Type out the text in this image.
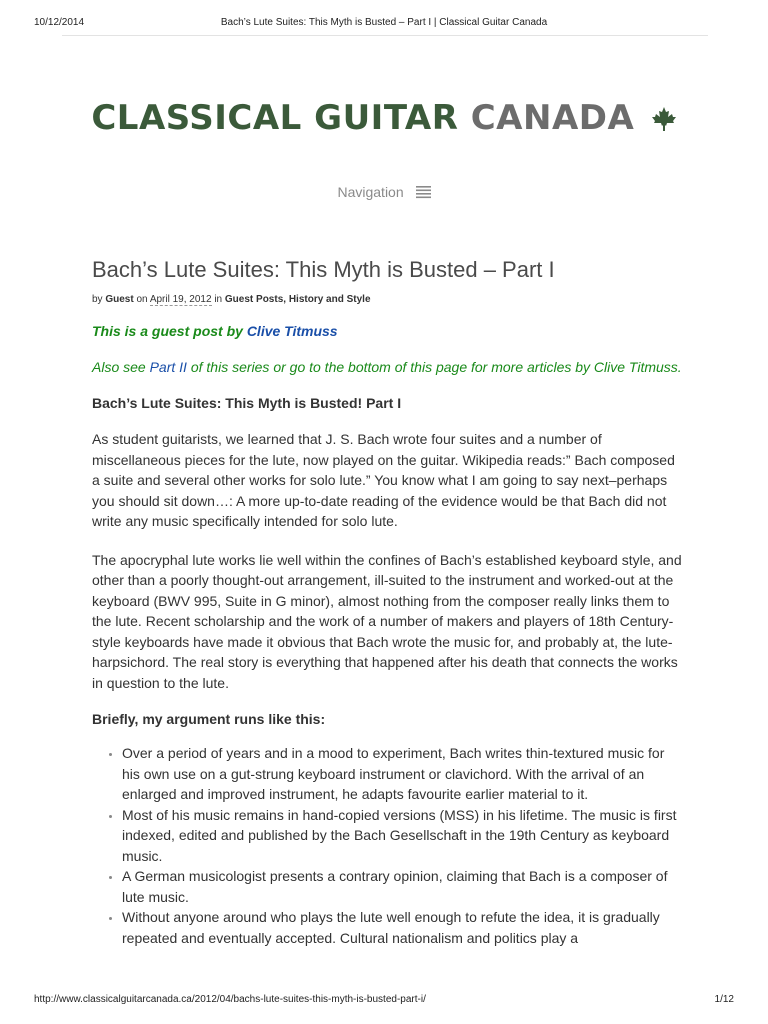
10/12/2014	Bach’s Lute Suites: This Myth is Busted – Part I | Classical Guitar Canada
CLASSICAL GUITAR CANADA
Navigation
Bach’s Lute Suites: This Myth is Busted – Part I
by Guest on April 19, 2012 in Guest Posts, History and Style
This is a guest post by Clive Titmuss
Also see Part II of this series or go to the bottom of this page for more articles by Clive Titmuss.
Bach’s Lute Suites: This Myth is Busted! Part I
As student guitarists, we learned that J. S. Bach wrote four suites and a number of miscellaneous pieces for the lute, now played on the guitar. Wikipedia reads:” Bach composed a suite and several other works for solo lute.” You know what I am going to say next–perhaps you should sit down…: A more up-to-date reading of the evidence would be that Bach did not write any music specifically intended for solo lute.
The apocryphal lute works lie well within the confines of Bach’s established keyboard style, and other than a poorly thought-out arrangement, ill-suited to the instrument and worked-out at the keyboard (BWV 995, Suite in G minor), almost nothing from the composer really links them to the lute. Recent scholarship and the work of a number of makers and players of 18th Century-style keyboards have made it obvious that Bach wrote the music for, and probably at, the lute-harpsichord. The real story is everything that happened after his death that connects the works in question to the lute.
Briefly, my argument runs like this:
• Over a period of years and in a mood to experiment, Bach writes thin-textured music for his own use on a gut-strung keyboard instrument or clavichord. With the arrival of an enlarged and improved instrument, he adapts favourite earlier material to it.
• Most of his music remains in hand-copied versions (MSS) in his lifetime. The music is first indexed, edited and published by the Bach Gesellschaft in the 19th Century as keyboard music.
• A German musicologist presents a contrary opinion, claiming that Bach is a composer of lute music.
• Without anyone around who plays the lute well enough to refute the idea, it is gradually repeated and eventually accepted. Cultural nationalism and politics play a
http://www.classicalguitarcanada.ca/2012/04/bachs-lute-suites-this-myth-is-busted-part-i/	1/12
